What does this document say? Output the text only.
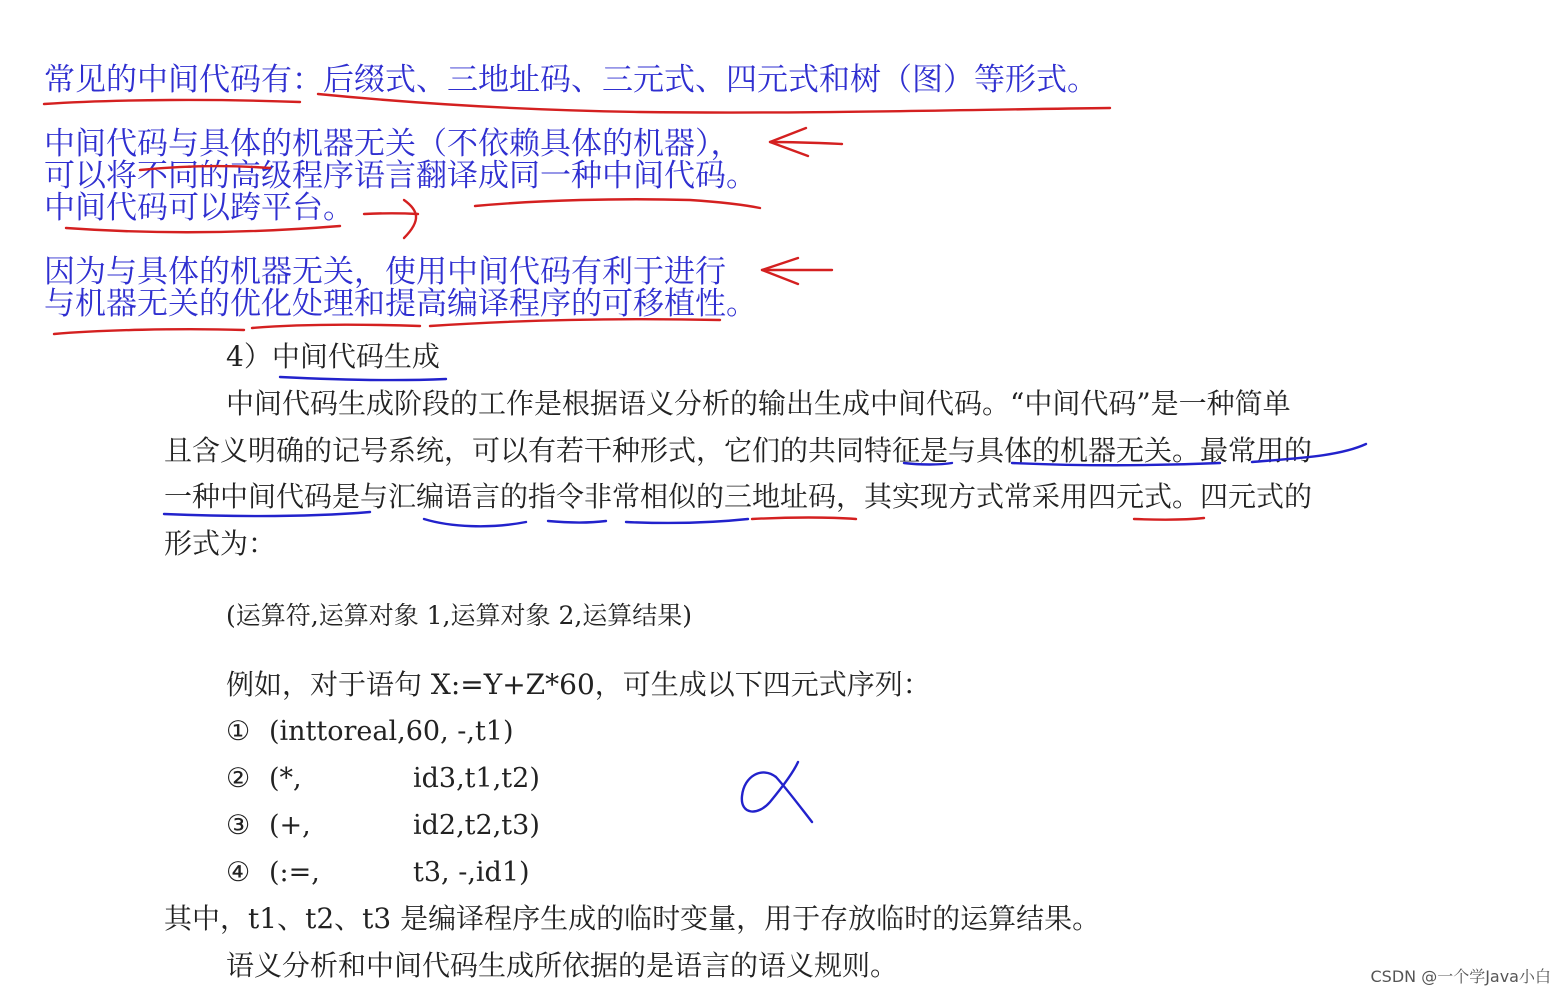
常见的中间代码有：后缀式、三地址码、三元式、四元式和树（图）等形式。
中间代码与具体的机器无关（不依赖具体的机器），
可以将不同的高级程序语言翻译成同一种中间代码。
中间代码可以跨平台。
因为与具体的机器无关，使用中间代码有利于进行
与机器无关的优化处理和提高编译程序的可移植性。
4）中间代码生成
中间代码生成阶段的工作是根据语义分析的输出生成中间代码。“中间代码”是一种简单
且含义明确的记号系统，可以有若干种形式，它们的共同特征是与具体的机器无关。最常用的
一种中间代码是与汇编语言的指令非常相似的三地址码，其实现方式常采用四元式。四元式的
形式为：
(运算符,运算对象 1,运算对象 2,运算结果)
例如，对于语句 X:=Y+Z*60，可生成以下四元式序列：
① (inttoreal,60, -,t1)
② (*,	id3,t1,t2)
③ (+,	id2,t2,t3)
④ (:=,	t3, -,id1)
其中，t1、t2、t3 是编译程序生成的临时变量，用于存放临时的运算结果。
语义分析和中间代码生成所依据的是语言的语义规则。	CSDN @一个学Java小白
